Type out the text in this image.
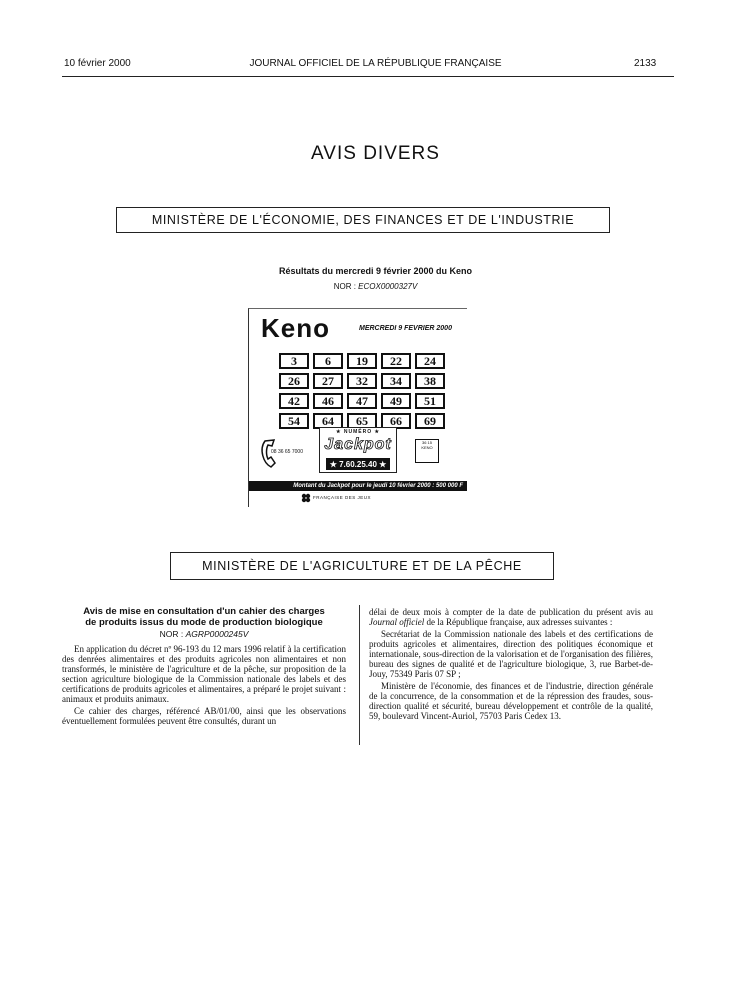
10 février 2000	JOURNAL OFFICIEL DE LA RÉPUBLIQUE FRANÇAISE	2133
AVIS DIVERS
MINISTÈRE DE L'ÉCONOMIE, DES FINANCES ET DE L'INDUSTRIE
Résultats du mercredi 9 février 2000 du Keno
NOR : ECOX0000327V
Keno	MERCREDI 9 FEVRIER 2000
3	6	19	22	24
26	27	32	34	38
42	46	47	49	51
54	64	65	66	69
08 36 65 7000
★ NUMÉRO ★
Jackpot
★ 7.60.25.40 ★
36 15 KENO
Montant du Jackpot pour le jeudi 10 février 2000 : 500 000 F
FRANÇAISE DES JEUX
MINISTÈRE DE L'AGRICULTURE ET DE LA PÊCHE
Avis de mise en consultation d'un cahier des charges
de produits issus du mode de production biologique
NOR : AGRP0000245V

En application du décret nº 96-193 du 12 mars 1996 relatif à la certification des denrées alimentaires et des produits agricoles non alimentaires et non transformés, le ministère de l'agriculture et de la pêche, sur proposition de la section agriculture biologique de la Commission nationale des labels et des certifications de produits agricoles et alimentaires, a préparé le projet suivant : animaux et produits animaux.

Ce cahier des charges, référencé AB/01/00, ainsi que les observations éventuellement formulées peuvent être consultés, durant un

délai de deux mois à compter de la date de publication du présent avis au Journal officiel de la République française, aux adresses suivantes :

Secrétariat de la Commission nationale des labels et des certifications de produits agricoles et alimentaires, direction des politiques économique et internationale, sous-direction de la valorisation et de l'organisation des filières, bureau des signes de qualité et de l'agriculture biologique, 3, rue Barbet-de-Jouy, 75349 Paris 07 SP ;

Ministère de l'économie, des finances et de l'industrie, direction générale de la concurrence, de la consommation et de la répression des fraudes, sous-direction qualité et sécurité, bureau développement et contrôle de la qualité, 59, boulevard Vincent-Auriol, 75703 Paris Cedex 13.
